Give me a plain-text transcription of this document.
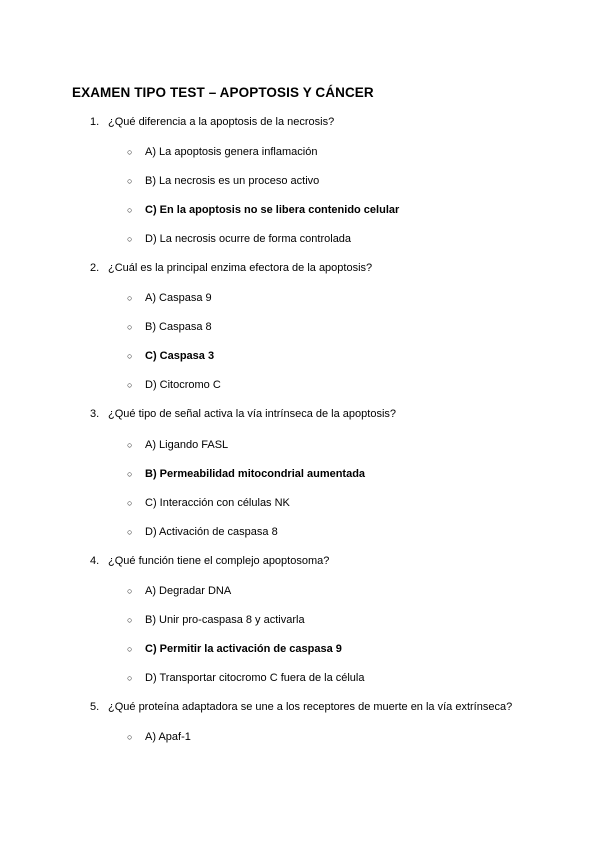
EXAMEN TIPO TEST – APOPTOSIS Y CÁNCER
1. ¿Qué diferencia a la apoptosis de la necrosis?
○ A) La apoptosis genera inflamación
○ B) La necrosis es un proceso activo
○ C) En la apoptosis no se libera contenido celular
○ D) La necrosis ocurre de forma controlada
2. ¿Cuál es la principal enzima efectora de la apoptosis?
○ A) Caspasa 9
○ B) Caspasa 8
○ C) Caspasa 3
○ D) Citocromo C
3. ¿Qué tipo de señal activa la vía intrínseca de la apoptosis?
○ A) Ligando FASL
○ B) Permeabilidad mitocondrial aumentada
○ C) Interacción con células NK
○ D) Activación de caspasa 8
4. ¿Qué función tiene el complejo apoptosoma?
○ A) Degradar DNA
○ B) Unir pro-caspasa 8 y activarla
○ C) Permitir la activación de caspasa 9
○ D) Transportar citocromo C fuera de la célula
5. ¿Qué proteína adaptadora se une a los receptores de muerte en la vía extrínseca?
○ A) Apaf-1
